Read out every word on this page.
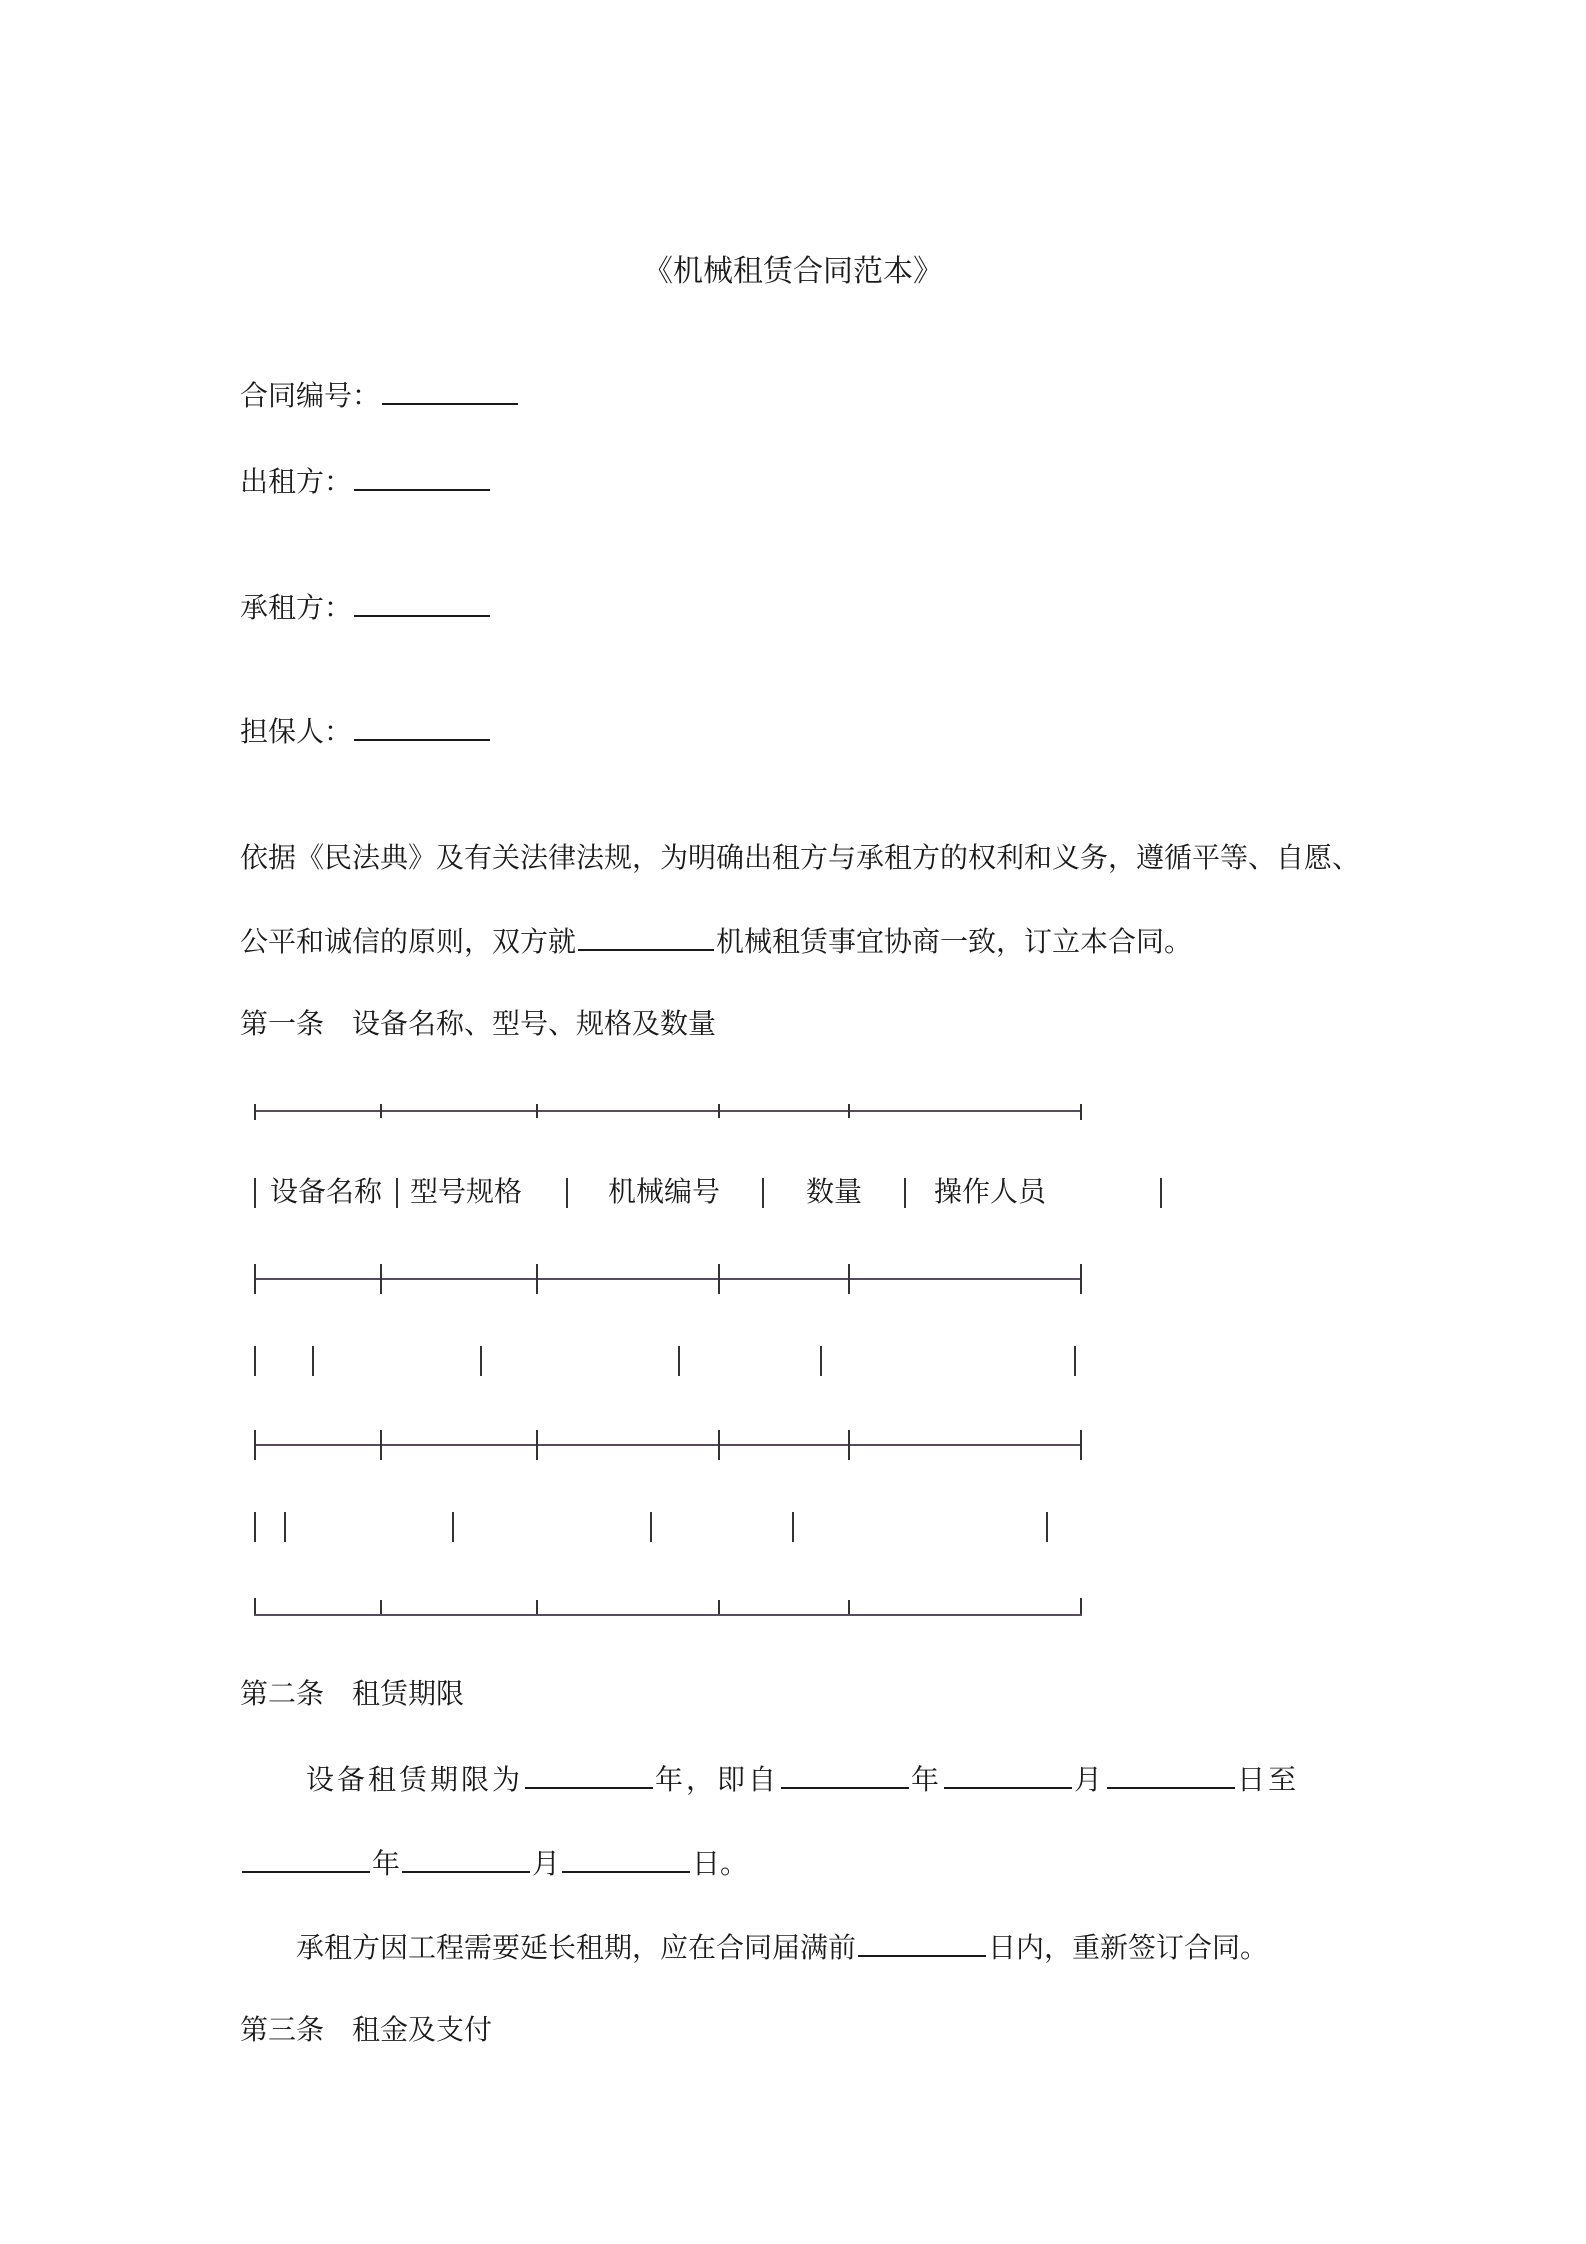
《机械租赁合同范本》
合同编号：
出租方：
承租方：
担保人：
依据《民法典》及有关法律法规，为明确出租方与承租方的权利和义务，遵循平等、自愿、
公平和诚信的原则，双方就	机械租赁事宜协商一致，订立本合同。
第一条　设备名称、型号、规格及数量
设备名称 型号规格	机械编号	数量	操作人员
第二条　租赁期限
设备租赁期限为	年，即自	年	月	日至
年	月	日。
承租方因工程需要延长租期，应在合同届满前	日内，重新签订合同。
第三条　租金及支付
